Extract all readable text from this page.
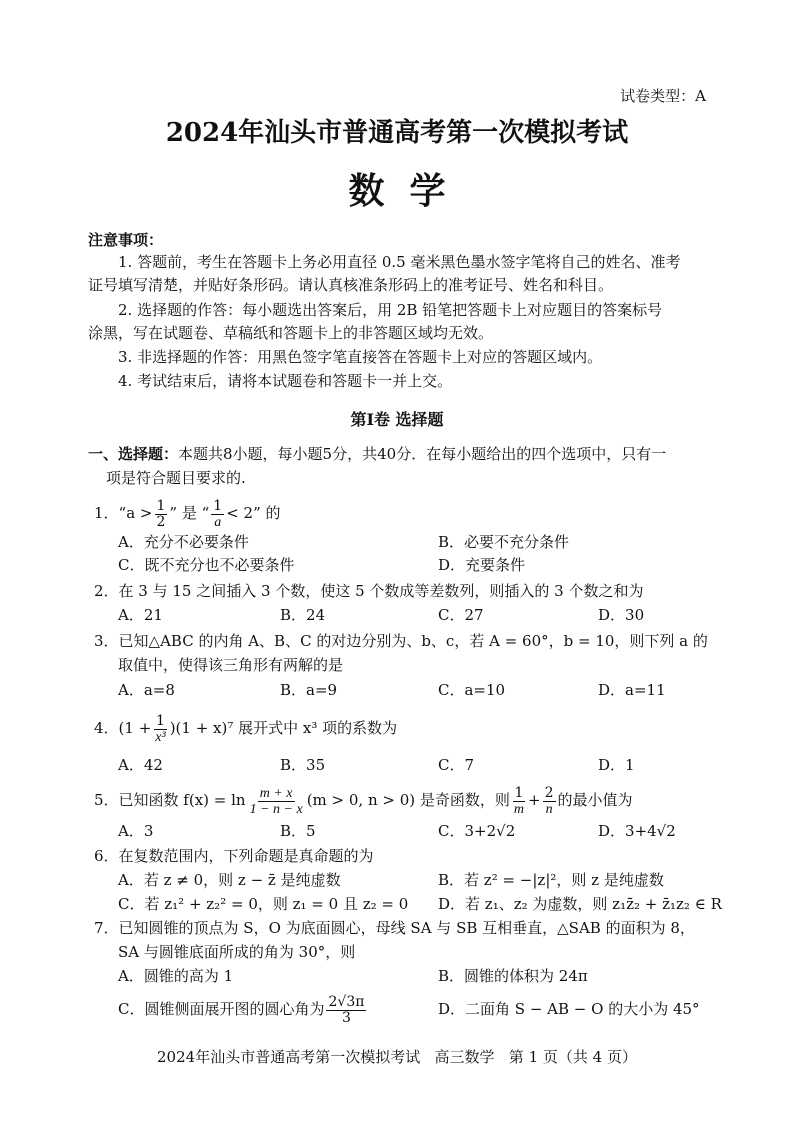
试卷类型：A
2024年汕头市普通高考第一次模拟考试
数  学
注意事项：
1. 答题前，考生在答题卡上务必用直径 0.5 毫米黑色墨水签字笔将自己的姓名、准考
证号填写清楚，并贴好条形码。请认真核准条形码上的准考证号、姓名和科目。
2. 选择题的作答：每小题选出答案后，用 2B 铅笔把答题卡上对应题目的答案标号
涂黑，写在试题卷、草稿纸和答题卡上的非答题区域均无效。
3. 非选择题的作答：用黑色签字笔直接答在答题卡上对应的答题区域内。
4. 考试结束后，请将本试题卷和答题卡一并上交。
第I卷 选择题
一、选择题：本题共8小题，每小题5分，共40分．在每小题给出的四个选项中，只有一
项是符合题目要求的.
1．“$a > \frac{1}{2}$ ” 是 “ $\frac{1}{a} < 2$” 的
A．充分不必要条件	B．必要不充分条件
C．既不充分也不必要条件	D．充要条件
2．在 3 与 15 之间插入 3 个数，使这 5 个数成等差数列，则插入的 3 个数之和为
A．21	B．24	C．27	D．30
3．已知△ABC 的内角 A、B、C 的对边分别为、b、c，若 A = 60°，b = 10，则下列 a 的
取值中，使得该三角形有两解的是
A．a=8	B．a=9	C．a=10	D．a=11
4．$(1 + \frac{1}{\text{x³}} )(1 + x)^7$ 展开式中 x³ 项的系数为
A．42	B．35	C．7	D．1
5．已知函数 $f(x) = \ln \frac{m + x}{1 - n - x} (m > 0$, n > 0) 是奇函数，则 $\frac{1}{m} + \frac{2}{n}$ 的最小值为
A．3	B．5	C．3+2√2	D．3+4√2
6．在复数范围内，下列命题是真命题的为
A．若 z ≠ 0，则 z − z̄ 是纯虚数	B．若 z² = −|z|²，则 z 是纯虚数
C．若 z₁² + z₂² = 0，则 z₁ = 0 且 z₂ = 0 D．若 z₁、z₂ 为虚数，则 z₁z̄₂ + z̄₁z₂ ∈ R
7．已知圆锥的顶点为 S，O 为底面圆心，母线 SA 与 SB 互相垂直，△SAB 的面积为 8，
SA 与圆锥底面所成的角为 30°，则
A．圆锥的高为 1	B．圆锥的体积为 24π
C．圆锥侧面展开图的圆心角为 $\frac{2√3\pi}{3}$	D．二面角 S − AB − O 的大小为 45°
2024年汕头市普通高考第一次模拟考试   高三数学   第 1 页（共 4 页）
